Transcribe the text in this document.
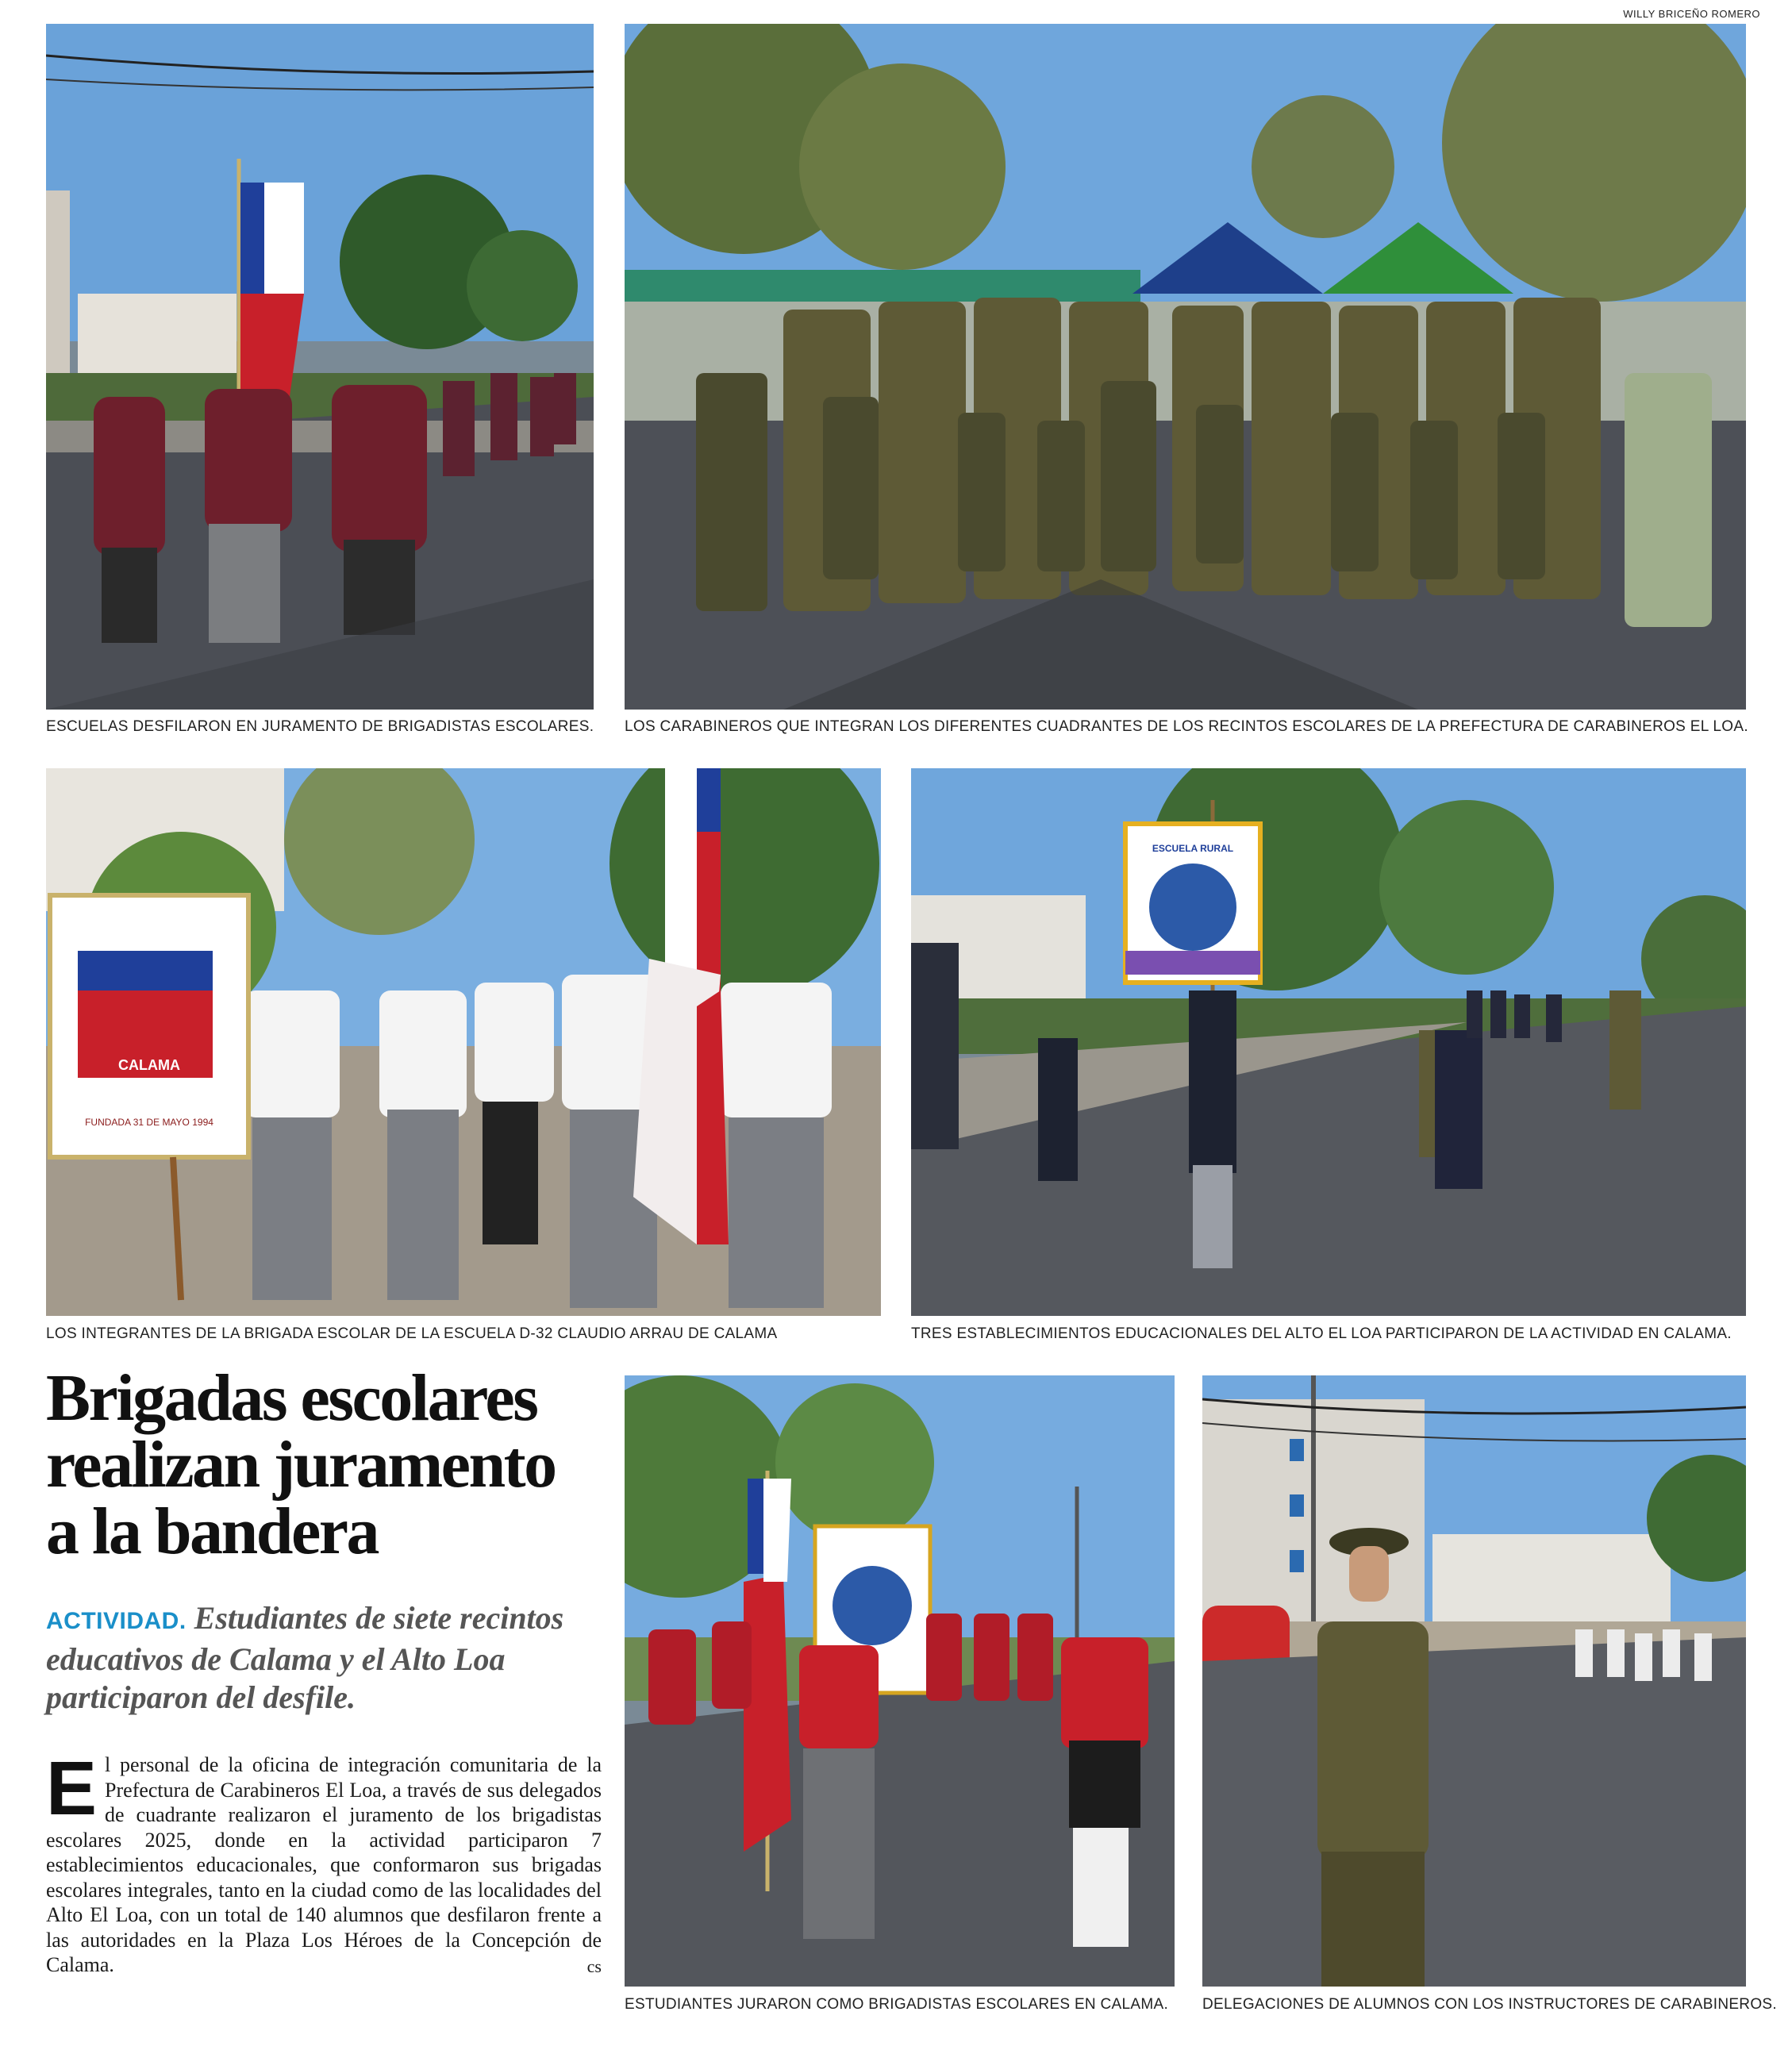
WILLY BRICEÑO ROMERO
ESCUELAS DESFILARON EN JURAMENTO DE BRIGADISTAS ESCOLARES. LOS CARABINEROS QUE INTEGRAN LOS DIFERENTES CUADRANTES DE LOS RECINTOS ESCOLARES DE LA PREFECTURA DE CARABINEROS EL LOA.
CALAMA
FUNDADA 31 DE MAYO 1994
LOS INTEGRANTES DE LA BRIGADA ESCOLAR DE LA ESCUELA D-32 CLAUDIO ARRAU DE CALAMA
ESCUELA RURAL
TRES ESTABLECIMIENTOS EDUCACIONALES DEL ALTO EL LOA PARTICIPARON DE LA ACTIVIDAD EN CALAMA.
Brigadas escolares
realizan juramento
a la bandera
ACTIVIDAD. Estudiantes de siete recintos educativos de Calama y el Alto Loa participaron del desfile.
El personal de la oficina de integración comunitaria de la Prefectura de Carabineros El Loa, a través de sus delegados de cuadrante realizaron el juramento de los brigadistas escolares 2025, donde en la actividad participaron 7 establecimientos educacionales, que conformaron sus brigadas escolares integrales, tanto en la ciudad como de las localidades del Alto El Loa, con un total de 140 alumnos que desfilaron frente a las autoridades en la Plaza Los Héroes de la Concepción de Calama.	cs
ESTUDIANTES JURARON COMO BRIGADISTAS ESCOLARES EN CALAMA. DELEGACIONES DE ALUMNOS CON LOS INSTRUCTORES DE CARABINEROS.
